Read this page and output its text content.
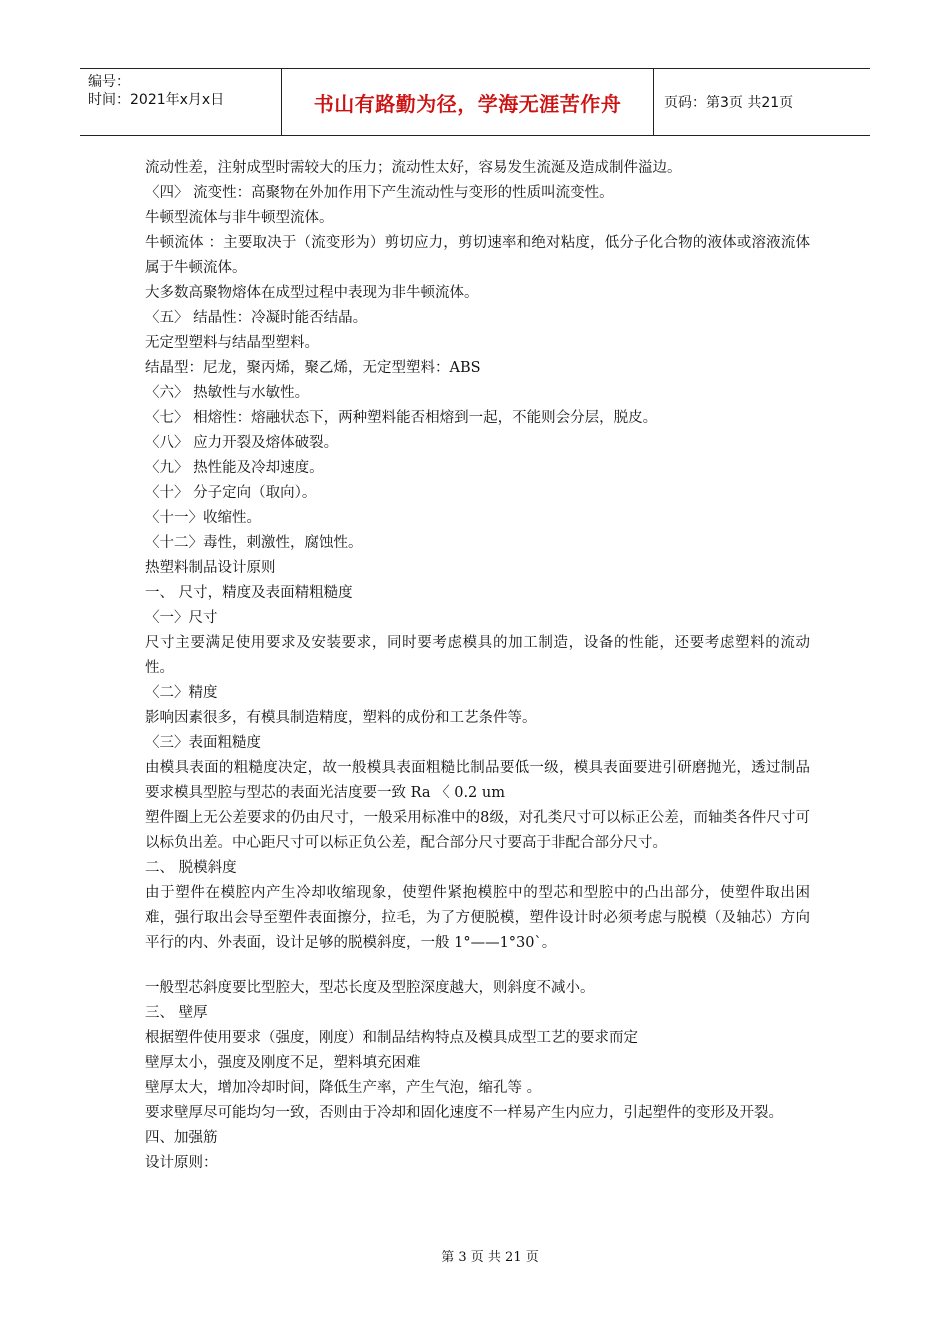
编号：
时间：2021年x月x日	书山有路勤为径，学海无涯苦作舟	页码：第3页 共21页

流动性差，注射成型时需较大的压力；流动性太好，容易发生流涎及造成制件溢边。

〈四〉 流变性：高聚物在外加作用下产生流动性与变形的性质叫流变性。

牛顿型流体与非牛顿型流体。

牛顿流体 ：主要取决于（流变形为）剪切应力，剪切速率和绝对粘度，低分子化合物的液体或溶液流体属于牛顿流体。

大多数高聚物熔体在成型过程中表现为非牛顿流体。

〈五〉 结晶性：冷凝时能否结晶。

无定型塑料与结晶型塑料。

结晶型：尼龙，聚丙烯，聚乙烯，无定型塑料：ABS

〈六〉 热敏性与水敏性。

〈七〉 相熔性：熔融状态下，两种塑料能否相熔到一起，不能则会分层，脱皮。

〈八〉 应力开裂及熔体破裂。

〈九〉 热性能及冷却速度。

〈十〉 分子定向（取向）。

〈十一〉收缩性。

〈十二〉毒性，刺激性，腐蚀性。

热塑料制品设计原则

一、 尺寸，精度及表面精粗糙度

〈一〉尺寸

尺寸主要满足使用要求及安装要求，同时要考虑模具的加工制造，设备的性能，还要考虑塑料的流动性。

〈二〉精度

影响因素很多，有模具制造精度，塑料的成份和工艺条件等。

〈三〉表面粗糙度

由模具表面的粗糙度决定，故一般模具表面粗糙比制品要低一级，模具表面要进引研磨抛光，透过制品要求模具型腔与型芯的表面光洁度要一致 Ra 〈 0.2 um

塑件圈上无公差要求的仍由尺寸，一般采用标准中的8级，对孔类尺寸可以标正公差，而轴类各件尺寸可以标负出差。中心距尺寸可以标正负公差，配合部分尺寸要高于非配合部分尺寸。

二、 脱模斜度

由于塑件在模腔内产生冷却收缩现象，使塑件紧抱模腔中的型芯和型腔中的凸出部分，使塑件取出困难，强行取出会导至塑件表面擦分，拉毛，为了方便脱模，塑件设计时必须考虑与脱模（及轴芯）方向平行的内、外表面，设计足够的脱模斜度，一般 1°——1°30`。

一般型芯斜度要比型腔大，型芯长度及型腔深度越大，则斜度不减小。

三、 壁厚

根据塑件使用要求（强度，刚度）和制品结构特点及模具成型工艺的要求而定

壁厚太小，强度及刚度不足，塑料填充困难

壁厚太大，增加冷却时间，降低生产率，产生气泡，缩孔等 。

要求壁厚尽可能均匀一致，否则由于冷却和固化速度不一样易产生内应力，引起塑件的变形及开裂。

四、加强筋

设计原则：

第 3 页 共 21 页
